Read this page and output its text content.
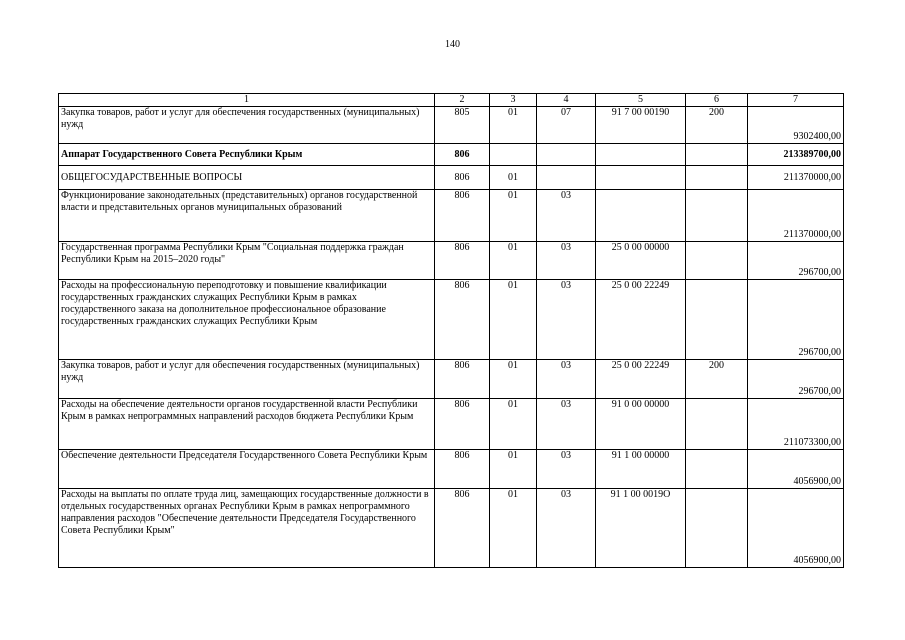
140
1	2	3	4	5	6	7
Закупка товаров, работ и услуг для обеспечения государственных (муниципальных) нужд	805	01	07	91 7 00 00190	200	9302400,00
Аппарат Государственного Совета Республики Крым	806					213389700,00
ОБЩЕГОСУДАРСТВЕННЫЕ ВОПРОСЫ	806	01				211370000,00
Функционирование законодательных (представительных) органов государственной власти и представительных органов муниципальных образований	806	01	03			211370000,00
Государственная программа Республики Крым "Социальная поддержка граждан Республики Крым на 2015–2020 годы"	806	01	03	25 0 00 00000		296700,00
Расходы на профессиональную переподготовку и повышение квалификации государственных гражданских служащих Республики Крым в рамках государственного заказа на дополнительное профессиональное образование государственных гражданских служащих Республики Крым	806	01	03	25 0 00 22249		296700,00
Закупка товаров, работ и услуг для обеспечения государственных (муниципальных) нужд	806	01	03	25 0 00 22249	200	296700,00
Расходы на обеспечение деятельности органов государственной власти Республики Крым в рамках непрограммных направлений расходов бюджета Республики Крым	806	01	03	91 0 00 00000		211073300,00
Обеспечение деятельности Председателя Государственного Совета Республики Крым	806	01	03	91 1 00 00000		4056900,00
Расходы на выплаты по оплате труда лиц, замещающих государственные должности в отдельных государственных органах Республики Крым в рамках непрограммного направления расходов "Обеспечение деятельности Председателя Государственного Совета Республики Крым"	806	01	03	91 1 00 0019О		4056900,00
